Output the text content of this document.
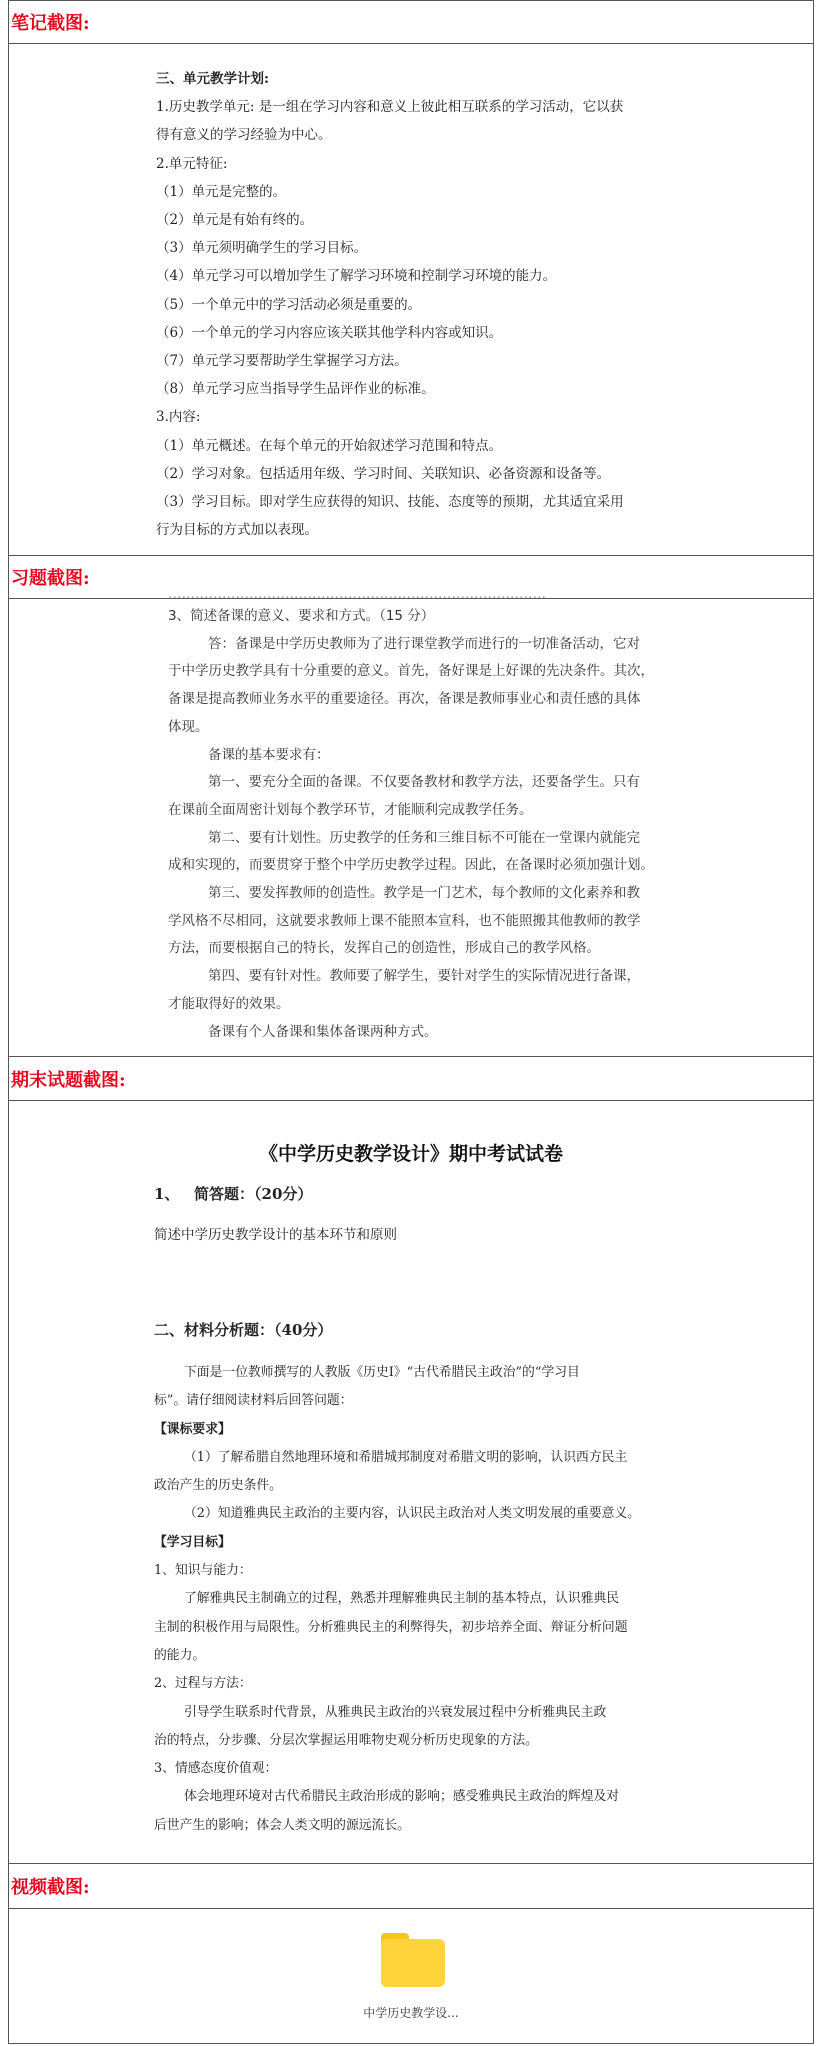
笔记截图:
三、单元教学计划:
1.历史教学单元: 是一组在学习内容和意义上彼此相互联系的学习活动，它以获
得有意义的学习经验为中心。
2.单元特征:
（1）单元是完整的。
（2）单元是有始有终的。
（3）单元须明确学生的学习目标。
（4）单元学习可以增加学生了解学习环境和控制学习环境的能力。
（5）一个单元中的学习活动必须是重要的。
（6）一个单元的学习内容应该关联其他学科内容或知识。
（7）单元学习要帮助学生掌握学习方法。
（8）单元学习应当指导学生品评作业的标准。
3.内容:
（1）单元概述。在每个单元的开始叙述学习范围和特点。
（2）学习对象。包括适用年级、学习时间、关联知识、必备资源和设备等。
（3）学习目标。即对学生应获得的知识、技能、态度等的预期，尤其适宜采用
行为目标的方式加以表现。
习题截图:
…………………………………………………………………………
3、简述备课的意义、要求和方式。（15 分）
答：备课是中学历史教师为了进行课堂教学而进行的一切准备活动，它对
于中学历史教学具有十分重要的意义。首先，备好课是上好课的先决条件。其次，
备课是提高教师业务水平的重要途径。再次，备课是教师事业心和责任感的具体
体现。
备课的基本要求有：
第一、要充分全面的备课。不仅要备教材和教学方法，还要备学生。只有
在课前全面周密计划每个教学环节，才能顺利完成教学任务。
第二、要有计划性。历史教学的任务和三维目标不可能在一堂课内就能完
成和实现的，而要贯穿于整个中学历史教学过程。因此，在备课时必须加强计划。
第三、要发挥教师的创造性。教学是一门艺术，每个教师的文化素养和教
学风格不尽相同，这就要求教师上课不能照本宣科，也不能照搬其他教师的教学
方法，而要根据自己的特长，发挥自己的创造性，形成自己的教学风格。
第四、要有针对性。教师要了解学生，要针对学生的实际情况进行备课，
才能取得好的效果。
备课有个人备课和集体备课两种方式。
期末试题截图:
《中学历史教学设计》期中考试试卷
1、 简答题：（20分）
简述中学历史教学设计的基本环节和原则
二、材料分析题：（40分）
下面是一位教师撰写的人教版《历史Ⅰ》“古代希腊民主政治”的“学习目
标”。请仔细阅读材料后回答问题：
【课标要求】
（1）了解希腊自然地理环境和希腊城邦制度对希腊文明的影响，认识西方民主
政治产生的历史条件。
（2）知道雅典民主政治的主要内容，认识民主政治对人类文明发展的重要意义。
【学习目标】
1、知识与能力：
了解雅典民主制确立的过程，熟悉并理解雅典民主制的基本特点，认识雅典民
主制的积极作用与局限性。分析雅典民主的利弊得失，初步培养全面、辩证分析问题
的能力。
2、过程与方法：
引导学生联系时代背景，从雅典民主政治的兴衰发展过程中分析雅典民主政
治的特点，分步骤、分层次掌握运用唯物史观分析历史现象的方法。
3、情感态度价值观：
体会地理环境对古代希腊民主政治形成的影响；感受雅典民主政治的辉煌及对
后世产生的影响；体会人类文明的源远流长。
视频截图:
中学历史教学设...
